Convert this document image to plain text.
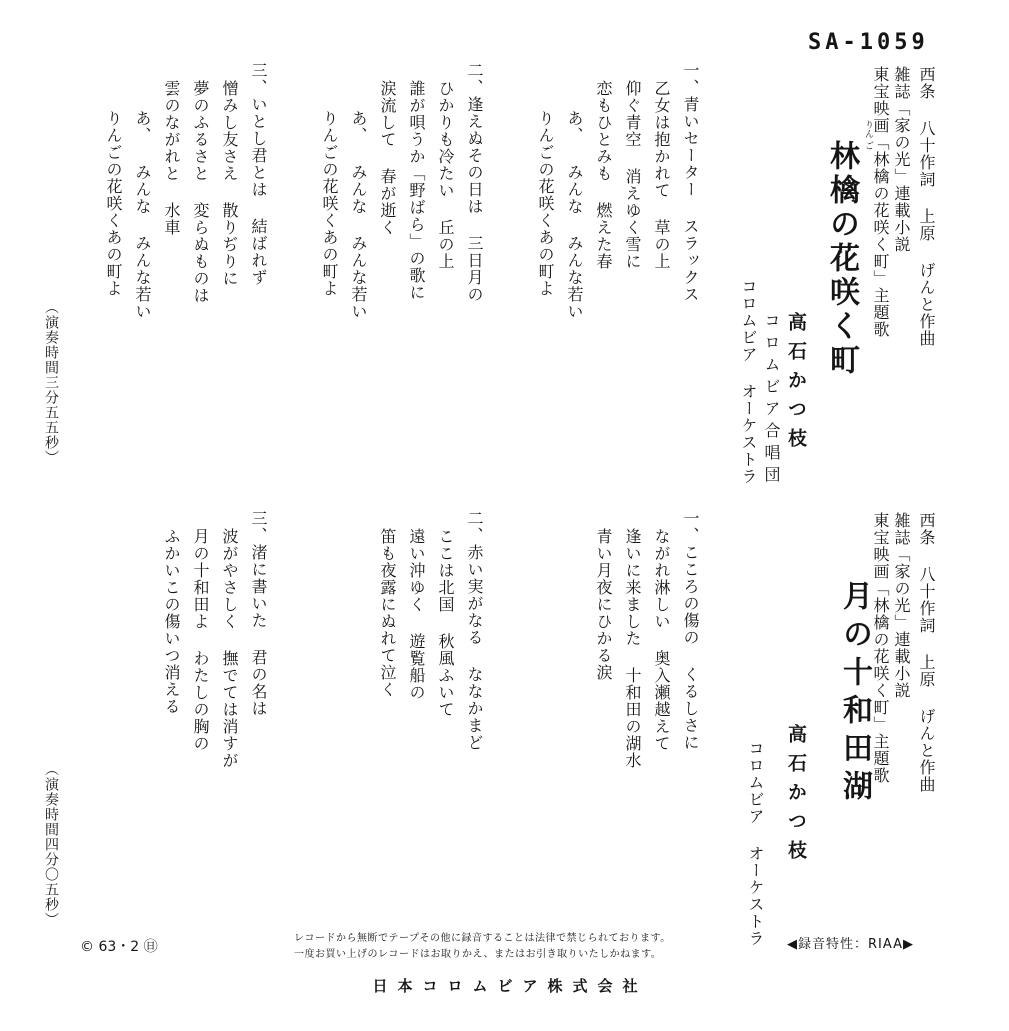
SA-1059
西条 八十作詞 上原 げんと作曲
雑誌「家の光」連載小説
東宝映画「林檎の花咲く町」主題歌
りん ご
林檎の花咲く町
高石かつ枝
コロムビア合唱団
コロムビア オーケストラ
一、青いセーター スラックス
乙女は抱かれて 草の上
仰ぐ青空 消えゆく雪に
恋もひとみも 燃えた春
あ、 みんな みんな若い
りんごの花咲くあの町よ
二、逢えぬその日は 三日月の
ひかりも冷たい 丘の上
誰が唄うか「野ばら」の歌に
涙流して 春が逝く
あ、 みんな みんな若い
りんごの花咲くあの町よ
三、いとし君とは 結ばれず
憎みし友さえ 散りぢりに
夢のふるさと 変らぬものは
雲のながれと 水車
あ、 みんな みんな若い
りんごの花咲くあの町よ
（演奏時間三分五五秒）
西条 八十作詞 上原 げんと作曲
雑誌「家の光」連載小説
東宝映画「林檎の花咲く町」主題歌
月の十和田湖
高石かつ枝
コロムビア オーケストラ
一、こころの傷の くるしさに
ながれ淋しい 奥入瀬越えて
逢いに来ました 十和田の湖水
青い月夜にひかる涙
二、赤い実がなる ななかまど
ここは北国 秋風ふいて
遠い沖ゆく 遊覧船の
笛も夜露にぬれて泣く
三、渚に書いた 君の名は
波がやさしく 撫でては消すが
月の十和田よ わたしの胸の
ふかいこの傷いつ消える
（演奏時間四分〇五秒）
© 63・2 ㊐
レコードから無断でテープその他に録音することは法律で禁じられております。
一度お買い上げのレコードはお取りかえ、またはお引き取りいたしかねます。
◀録音特性：RIAA▶
日本コロムビア株式会社
